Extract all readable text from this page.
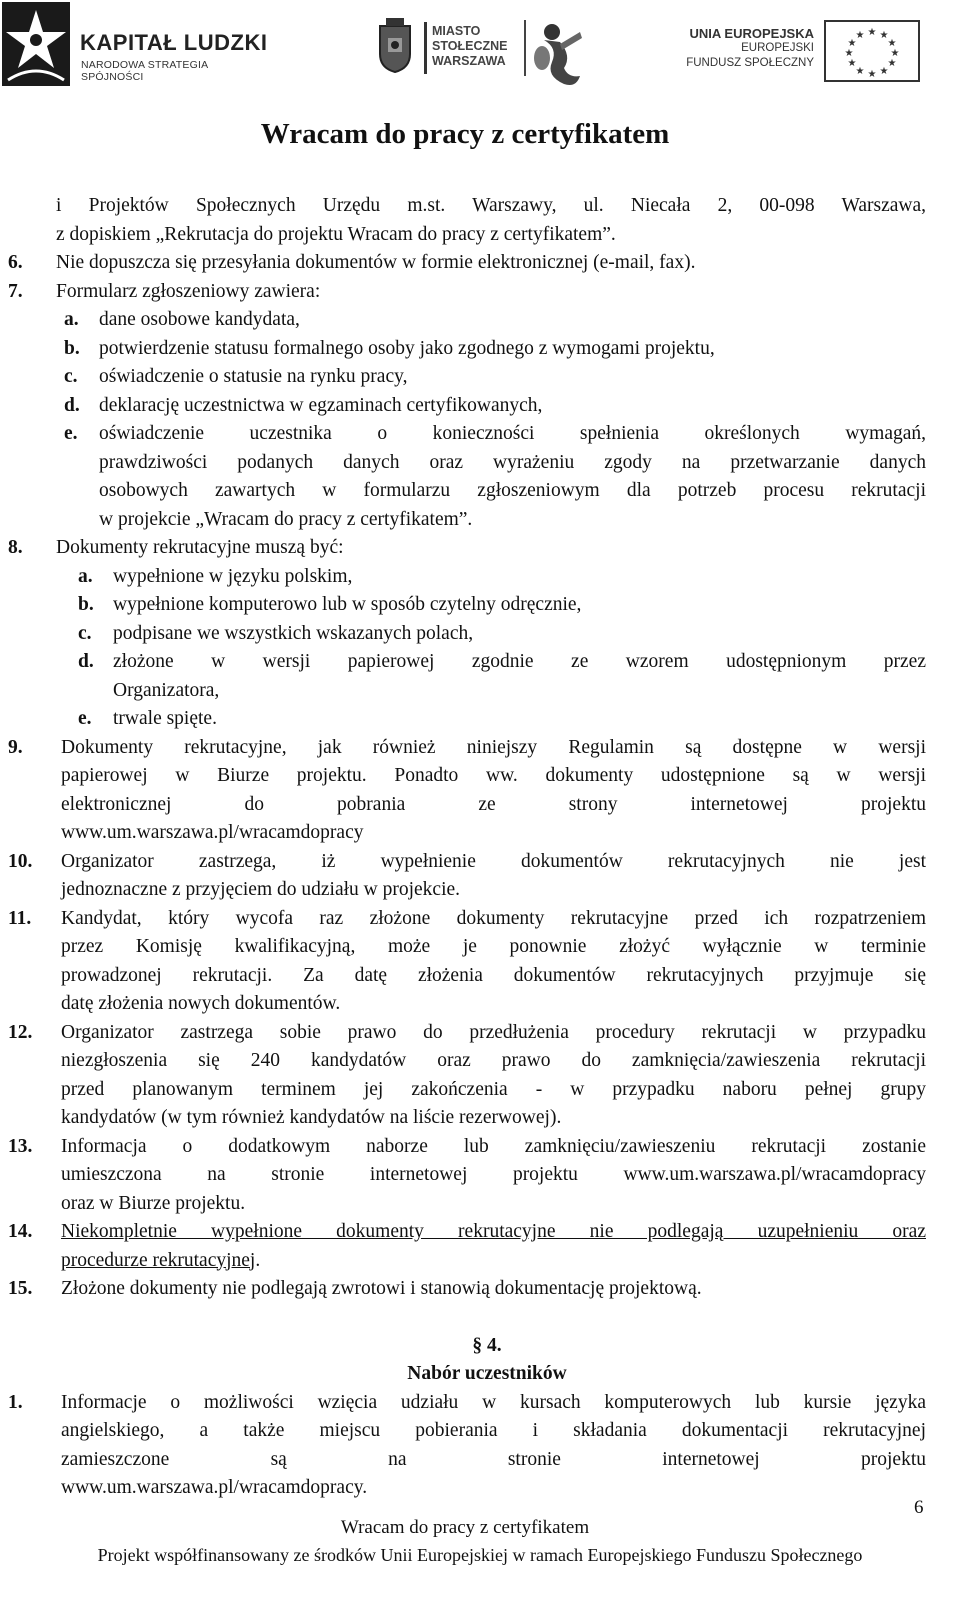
KAPITAŁ LUDZKI
NARODOWA STRATEGIA SPÓJNOŚCI
MIASTO
STOŁECZNE
WARSZAWA
UNIA EUROPEJSKA
EUROPEJSKI
FUNDUSZ SPOŁECZNY
★ ★
★
★
★
★
★
★
★
★
★
★
Wracam do pracy z certyfikatem
i Projektów Społecznych Urzędu m.st. Warszawy, ul. Niecała 2, 00-098 Warszawa,
z dopiskiem „Rekrutacja do projektu Wracam do pracy z certyfikatem”.
6. Nie dopuszcza się przesyłania dokumentów w formie elektronicznej (e-mail, fax).
7. Formularz zgłoszeniowy zawiera:
a. dane osobowe kandydata,
b. potwierdzenie statusu formalnego osoby jako zgodnego z wymogami projektu,
c. oświadczenie o statusie na rynku pracy,
d. deklarację uczestnictwa w egzaminach certyfikowanych,
e. oświadczenie uczestnika o konieczności spełnienia określonych wymagań,
prawdziwości podanych danych oraz wyrażeniu zgody na przetwarzanie danych
osobowych zawartych w formularzu zgłoszeniowym dla potrzeb procesu rekrutacji
w projekcie „Wracam do pracy z certyfikatem”.
8. Dokumenty rekrutacyjne muszą być:
a. wypełnione w języku polskim,
b. wypełnione komputerowo lub w sposób czytelny odręcznie,
c. podpisane we wszystkich wskazanych polach,
d. złożone w wersji papierowej zgodnie ze wzorem udostępnionym przez
Organizatora,
e. trwale spięte.
9. Dokumenty rekrutacyjne, jak również niniejszy Regulamin są dostępne w wersji
papierowej w Biurze projektu. Ponadto ww. dokumenty udostępnione są w wersji
elektronicznej do pobrania ze strony internetowej projektu
www.um.warszawa.pl/wracamdopracy
10. Organizator zastrzega, iż wypełnienie dokumentów rekrutacyjnych nie jest
jednoznaczne z przyjęciem do udziału w projekcie.
11. Kandydat, który wycofa raz złożone dokumenty rekrutacyjne przed ich rozpatrzeniem
przez Komisję kwalifikacyjną, może je ponownie złożyć wyłącznie w terminie
prowadzonej rekrutacji. Za datę złożenia dokumentów rekrutacyjnych przyjmuje się
datę złożenia nowych dokumentów.
12. Organizator zastrzega sobie prawo do przedłużenia procedury rekrutacji w przypadku
niezgłoszenia się 240 kandydatów oraz prawo do zamknięcia/zawieszenia rekrutacji
przed planowanym terminem jej zakończenia - w przypadku naboru pełnej grupy
kandydatów (w tym również kandydatów na liście rezerwowej).
13. Informacja o dodatkowym naborze lub zamknięciu/zawieszeniu rekrutacji zostanie
umieszczona na stronie internetowej projektu www.um.warszawa.pl/wracamdopracy
oraz w Biurze projektu.
14. Niekompletnie wypełnione dokumenty rekrutacyjne nie podlegają uzupełnieniu oraz
procedurze rekrutacyjnej.
15. Złożone dokumenty nie podlegają zwrotowi i stanowią dokumentację projektową.
§ 4.
Nabór uczestników
1. Informacje o możliwości wzięcia udziału w kursach komputerowych lub kursie języka
angielskiego, a także miejscu pobierania i składania dokumentacji rekrutacyjnej
zamieszczone są na stronie internetowej projektu
www.um.warszawa.pl/wracamdopracy.
6
Wracam do pracy z certyfikatem
Projekt współfinansowany ze środków Unii Europejskiej w ramach Europejskiego Funduszu Społecznego
